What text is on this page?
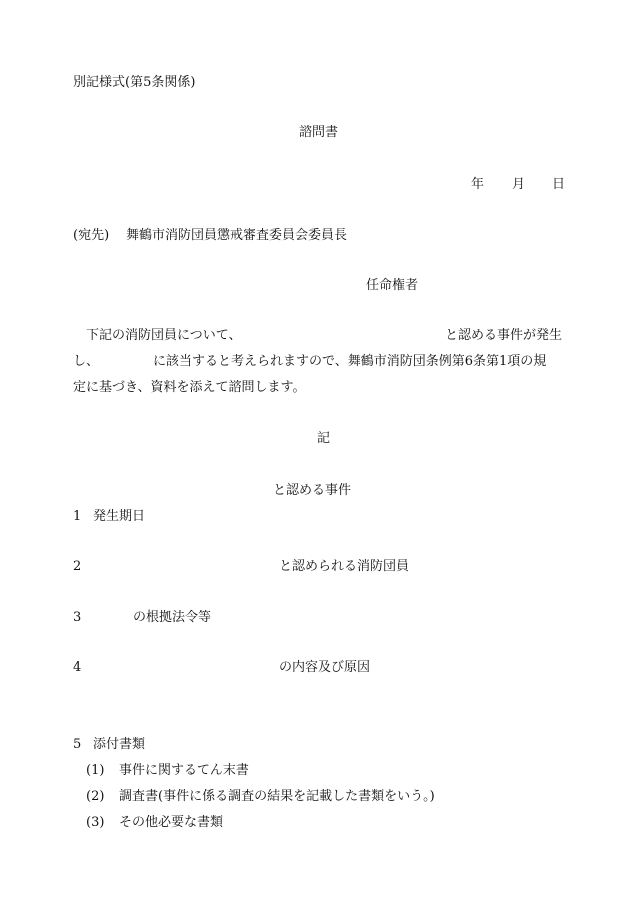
別記様式(第5条関係)
諮問書
年 月 日
(宛先) 舞鶴市消防団員懲戒審査委員会委員長
任命権者
下記の消防団員について、	と認める事件が発生
し、	に該当すると考えられますので、舞鶴市消防団条例第6条第1項の規
定に基づき、資料を添えて諮問します。
記
と認める事件
1 発生期日
2	と認められる消防団員
3	の根拠法令等
4	の内容及び原因
5 添付書類
(1) 事件に関するてん末書
(2) 調査書(事件に係る調査の結果を記載した書類をいう。)
(3) その他必要な書類
